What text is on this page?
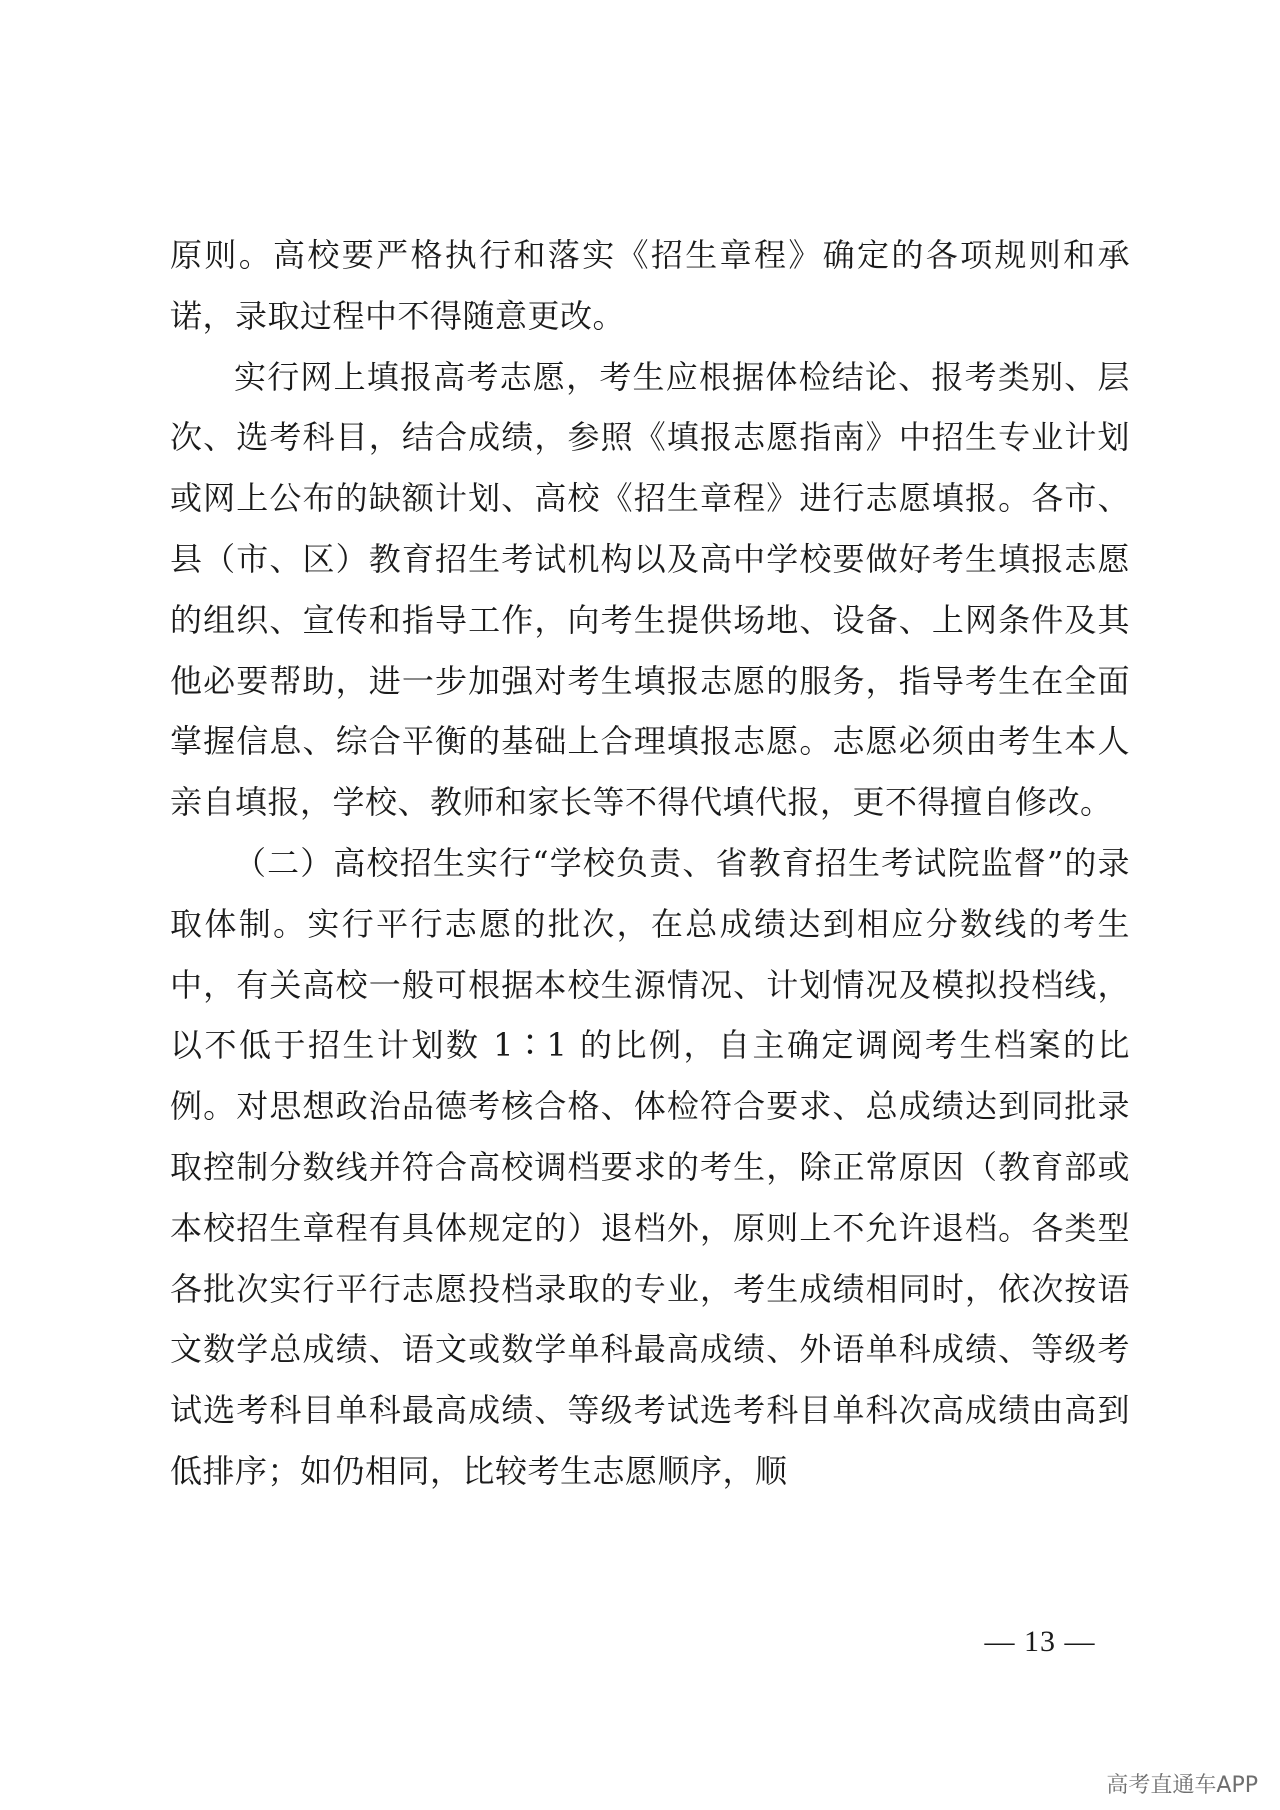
原则。高校要严格执行和落实《招生章程》确定的各项规则和承诺，录取过程中不得随意更改。

实行网上填报高考志愿，考生应根据体检结论、报考类别、层次、选考科目，结合成绩，参照《填报志愿指南》中招生专业计划或网上公布的缺额计划、高校《招生章程》进行志愿填报。各市、县（市、区）教育招生考试机构以及高中学校要做好考生填报志愿的组织、宣传和指导工作，向考生提供场地、设备、上网条件及其他必要帮助，进一步加强对考生填报志愿的服务，指导考生在全面掌握信息、综合平衡的基础上合理填报志愿。志愿必须由考生本人亲自填报，学校、教师和家长等不得代填代报，更不得擅自修改。

（二）高校招生实行“学校负责、省教育招生考试院监督”的录取体制。实行平行志愿的批次，在总成绩达到相应分数线的考生中，有关高校一般可根据本校生源情况、计划情况及模拟投档线，以不低于招生计划数 1∶1 的比例，自主确定调阅考生档案的比例。对思想政治品德考核合格、体检符合要求、总成绩达到同批录取控制分数线并符合高校调档要求的考生，除正常原因（教育部或本校招生章程有具体规定的）退档外，原则上不允许退档。各类型各批次实行平行志愿投档录取的专业，考生成绩相同时，依次按语文数学总成绩、语文或数学单科最高成绩、外语单科成绩、等级考试选考科目单科最高成绩、等级考试选考科目单科次高成绩由高到低排序；如仍相同，比较考生志愿顺序，顺

— 13 —
高考直通车APP
